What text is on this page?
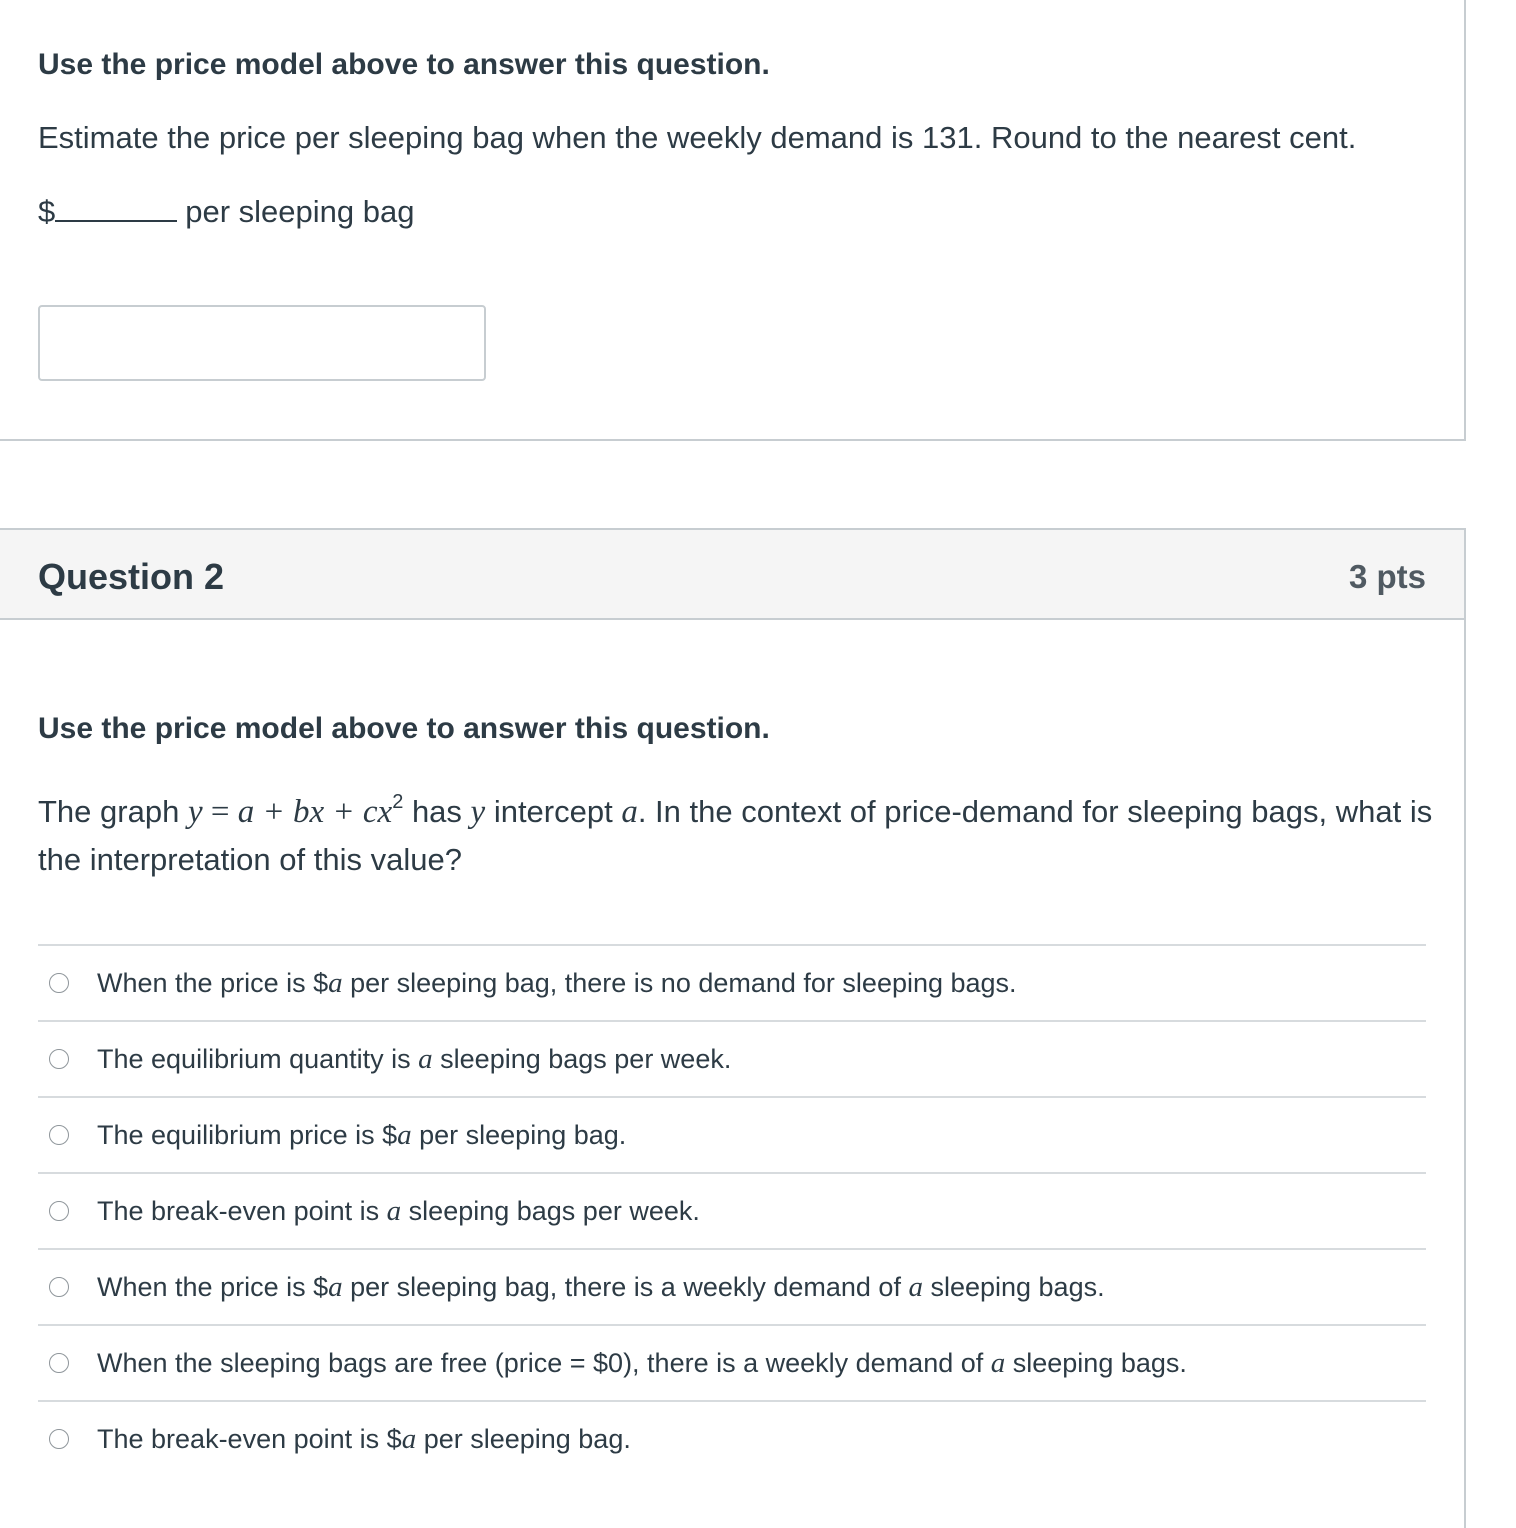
Use the price model above to answer this question.
Estimate the price per sleeping bag when the weekly demand is 131. Round to the nearest cent.
$	per sleeping bag
Question 2	3 pts
Use the price model above to answer this question.
The graph y = a + bx + $cx^2$ has y intercept a. In the context of price-demand for sleeping bags, what is the interpretation of this value?
When the price is $a per sleeping bag, there is no demand for sleeping bags.
The equilibrium quantity is a sleeping bags per week.
The equilibrium price is $a per sleeping bag.
The break-even point is a sleeping bags per week.
When the price is $a per sleeping bag, there is a weekly demand of a sleeping bags.
When the sleeping bags are free (price = $0), there is a weekly demand of a sleeping bags.
The break-even point is $a per sleeping bag.
